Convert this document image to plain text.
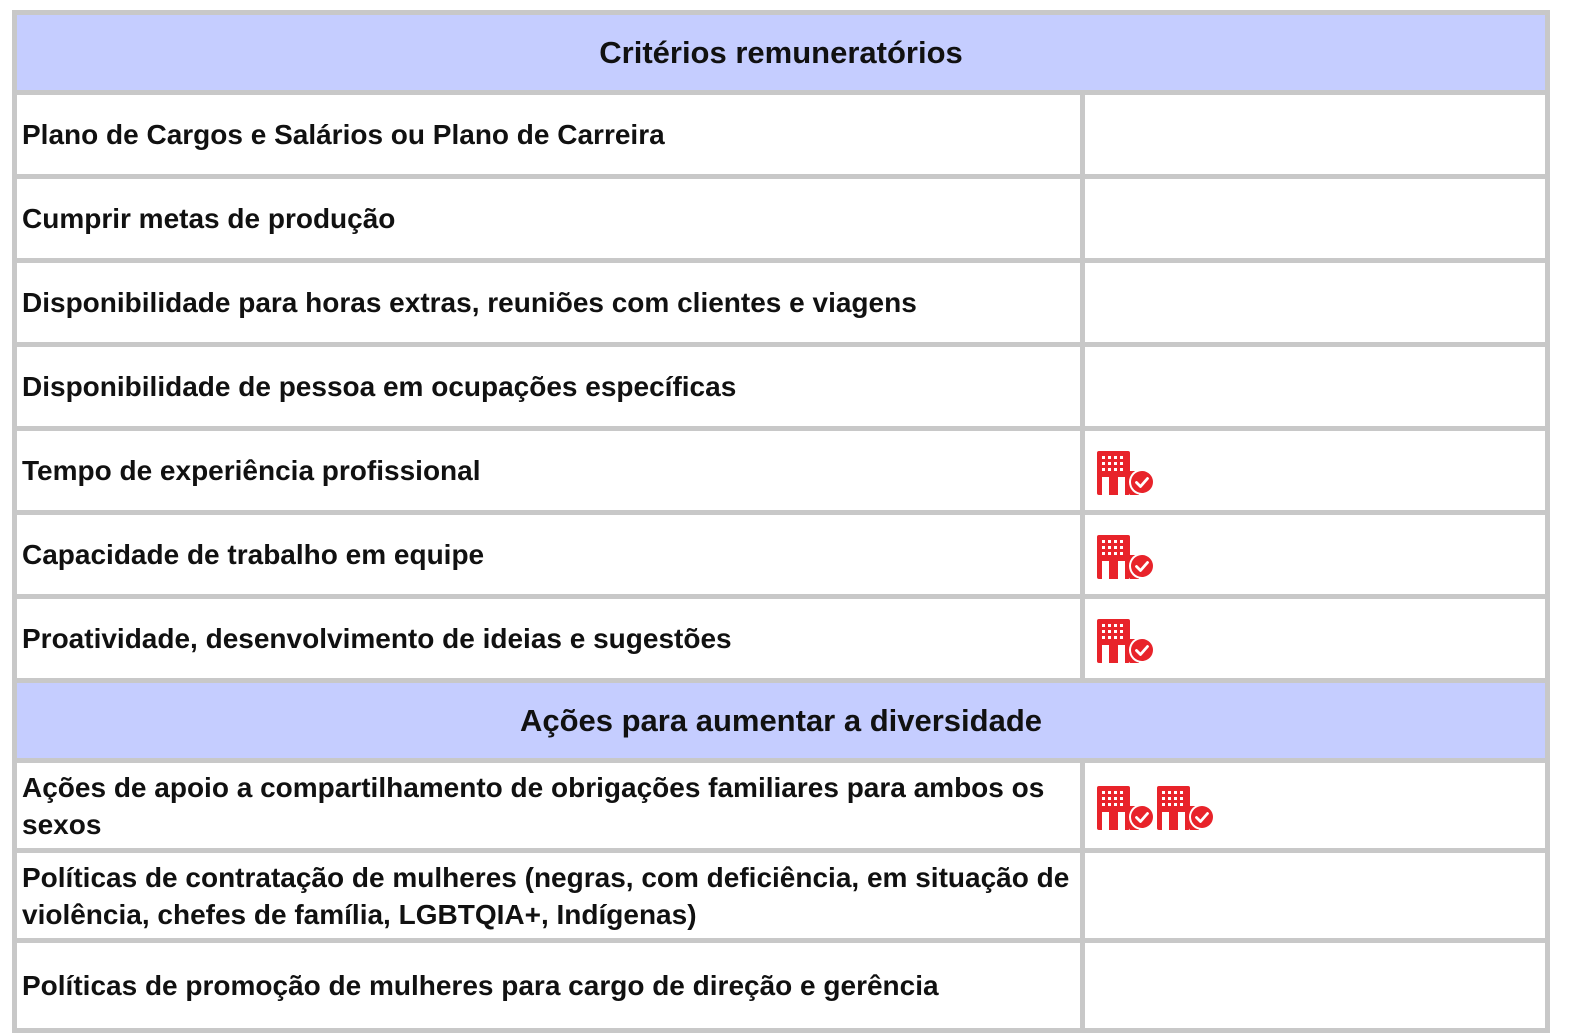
Critérios remuneratórios	
Plano de Cargos e Salários ou Plano de Carreira	
Cumprir metas de produção	
Disponibilidade para horas extras, reuniões com clientes e viagens	
Disponibilidade de pessoa em ocupações específicas	
Tempo de experiência profissional	
Capacidade de trabalho em equipe	
Proatividade, desenvolvimento de ideias e sugestões	
Ações para aumentar a diversidade	
Ações de apoio a compartilhamento de obrigações familiares para ambos os sexos	
Políticas de contratação de mulheres (negras, com deficiência, em situação de violência, chefes de família, LGBTQIA+, Indígenas)	
Políticas de promoção de mulheres para cargo de direção e gerência	
